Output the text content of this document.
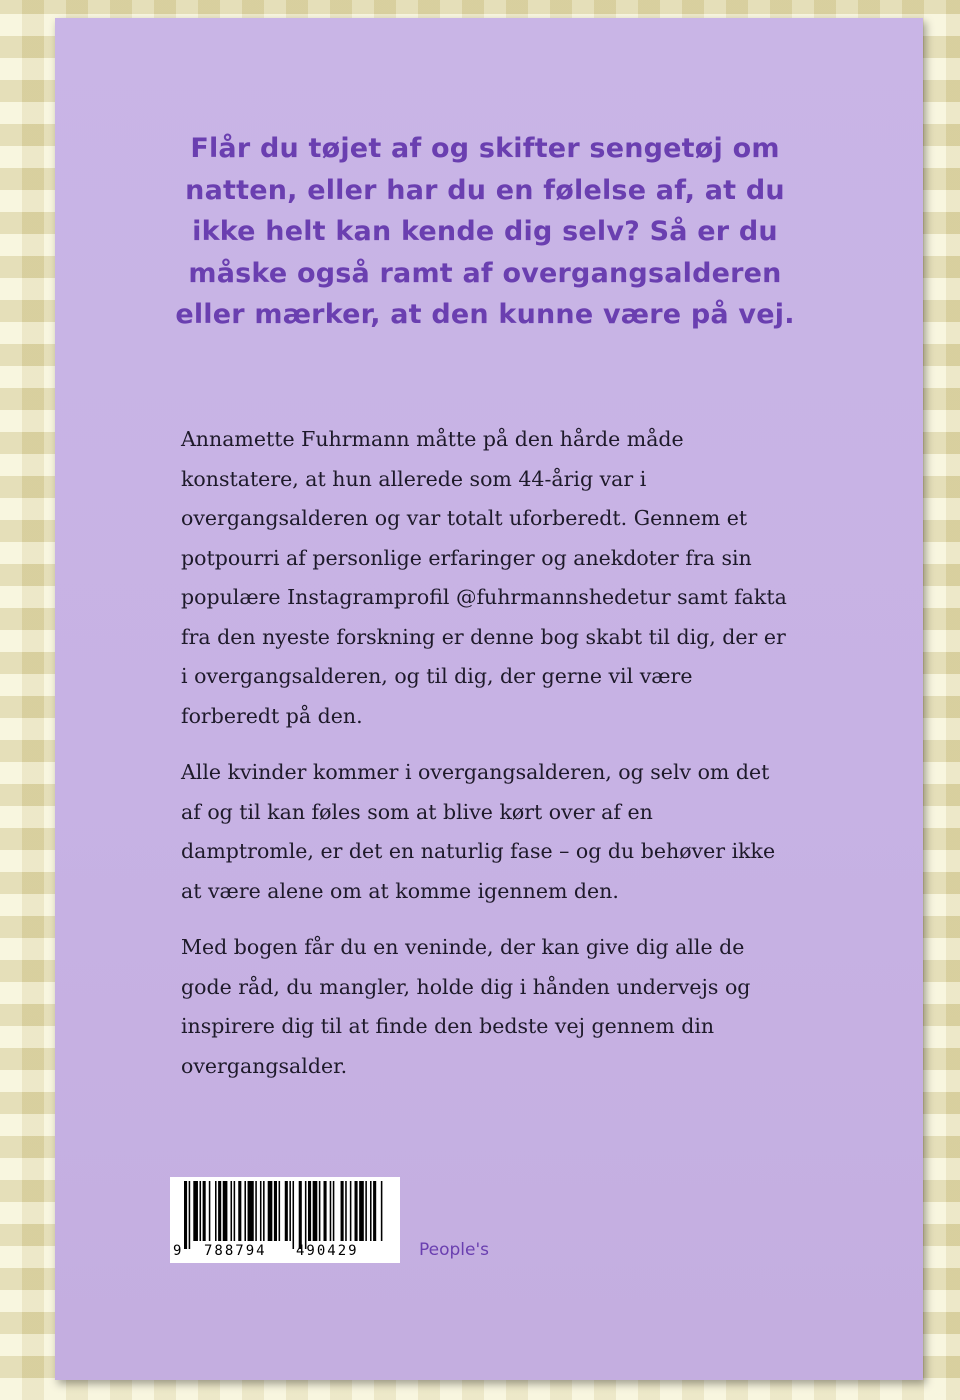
Flår du tøjet af og skifter sengetøj om natten, eller har du en følelse af, at du ikke helt kan kende dig selv? Så er du måske også ramt af overgangsalderen eller mærker, at den kunne være på vej.

Annamette Fuhrmann måtte på den hårde måde konstatere, at hun allerede som 44-årig var i overgangsalderen og var totalt uforberedt. Gennem et potpourri af personlige erfaringer og anekdoter fra sin populære Instagramprofil @fuhrmannshedetur samt fakta fra den nyeste forskning er denne bog skabt til dig, der er i overgangsalderen, og til dig, der gerne vil være forberedt på den.

Alle kvinder kommer i overgangsalderen, og selv om det af og til kan føles som at blive kørt over af en damptromle, er det en naturlig fase – og du behøver ikke at være alene om at komme igennem den.

Med bogen får du en veninde, der kan give dig alle de gode råd, du mangler, holde dig i hånden undervejs og inspirere dig til at finde den bedste vej gennem din overgangsalder.

9 788794 490429	People's
